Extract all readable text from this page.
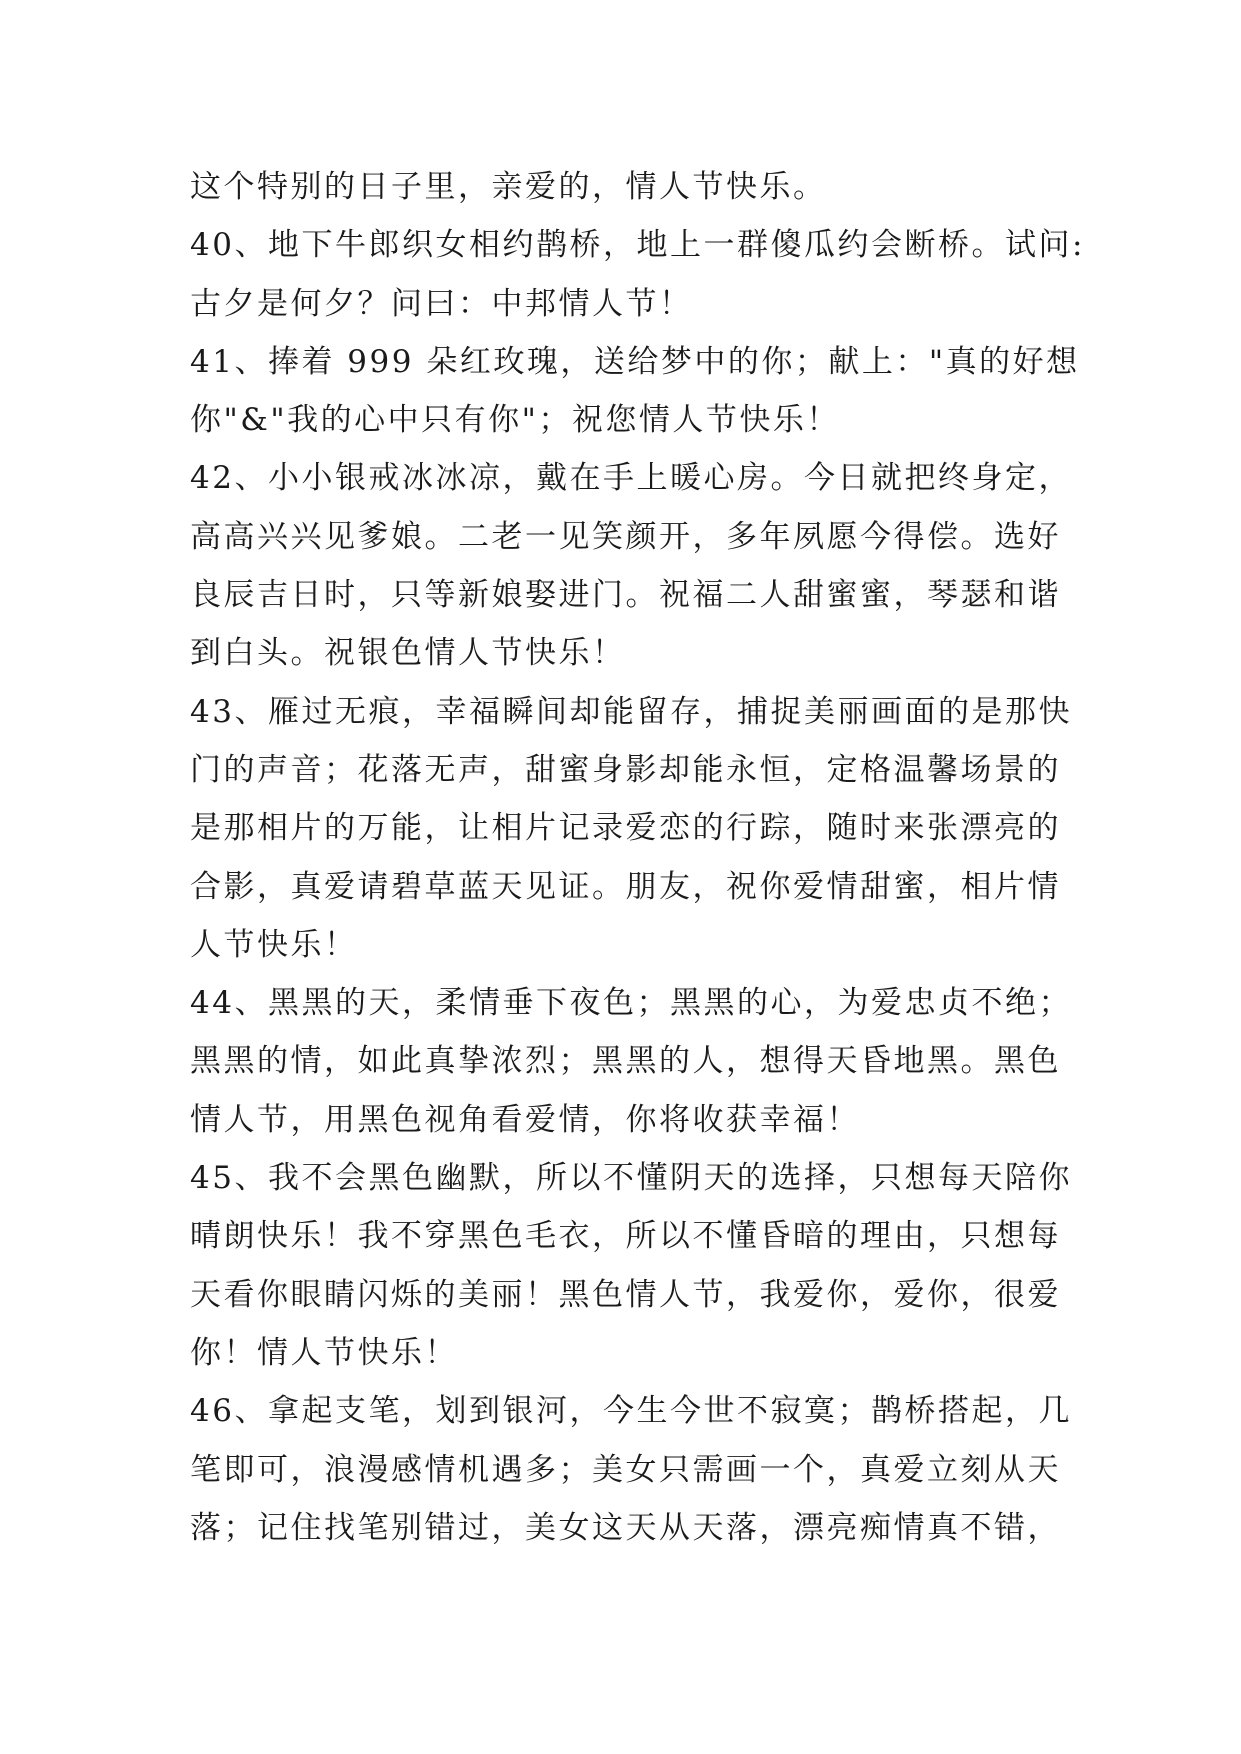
这个特别的日子里，亲爱的，情人节快乐。
40、地下牛郎织女相约鹊桥，地上一群傻瓜约会断桥。试问:
古夕是何夕？问曰：中邦情人节！
41、捧着 999 朵红玫瑰，送给梦中的你；献上："真的好想
你"&"我的心中只有你"；祝您情人节快乐！
42、小小银戒冰冰凉，戴在手上暖心房。今日就把终身定，
高高兴兴见爹娘。二老一见笑颜开，多年夙愿今得偿。选好
良辰吉日时，只等新娘娶进门。祝福二人甜蜜蜜，琴瑟和谐
到白头。祝银色情人节快乐！
43、雁过无痕，幸福瞬间却能留存，捕捉美丽画面的是那快
门的声音；花落无声，甜蜜身影却能永恒，定格温馨场景的
是那相片的万能，让相片记录爱恋的行踪，随时来张漂亮的
合影，真爱请碧草蓝天见证。朋友，祝你爱情甜蜜，相片情
人节快乐！
44、黑黑的天，柔情垂下夜色；黑黑的心，为爱忠贞不绝；
黑黑的情，如此真挚浓烈；黑黑的人，想得天昏地黑。黑色
情人节，用黑色视角看爱情，你将收获幸福！
45、我不会黑色幽默，所以不懂阴天的选择，只想每天陪你
晴朗快乐！我不穿黑色毛衣，所以不懂昏暗的理由，只想每
天看你眼睛闪烁的美丽！黑色情人节，我爱你，爱你，很爱
你！情人节快乐！
46、拿起支笔，划到银河，今生今世不寂寞；鹊桥搭起，几
笔即可，浪漫感情机遇多；美女只需画一个，真爱立刻从天
落；记住找笔别错过，美女这天从天落，漂亮痴情真不错，
